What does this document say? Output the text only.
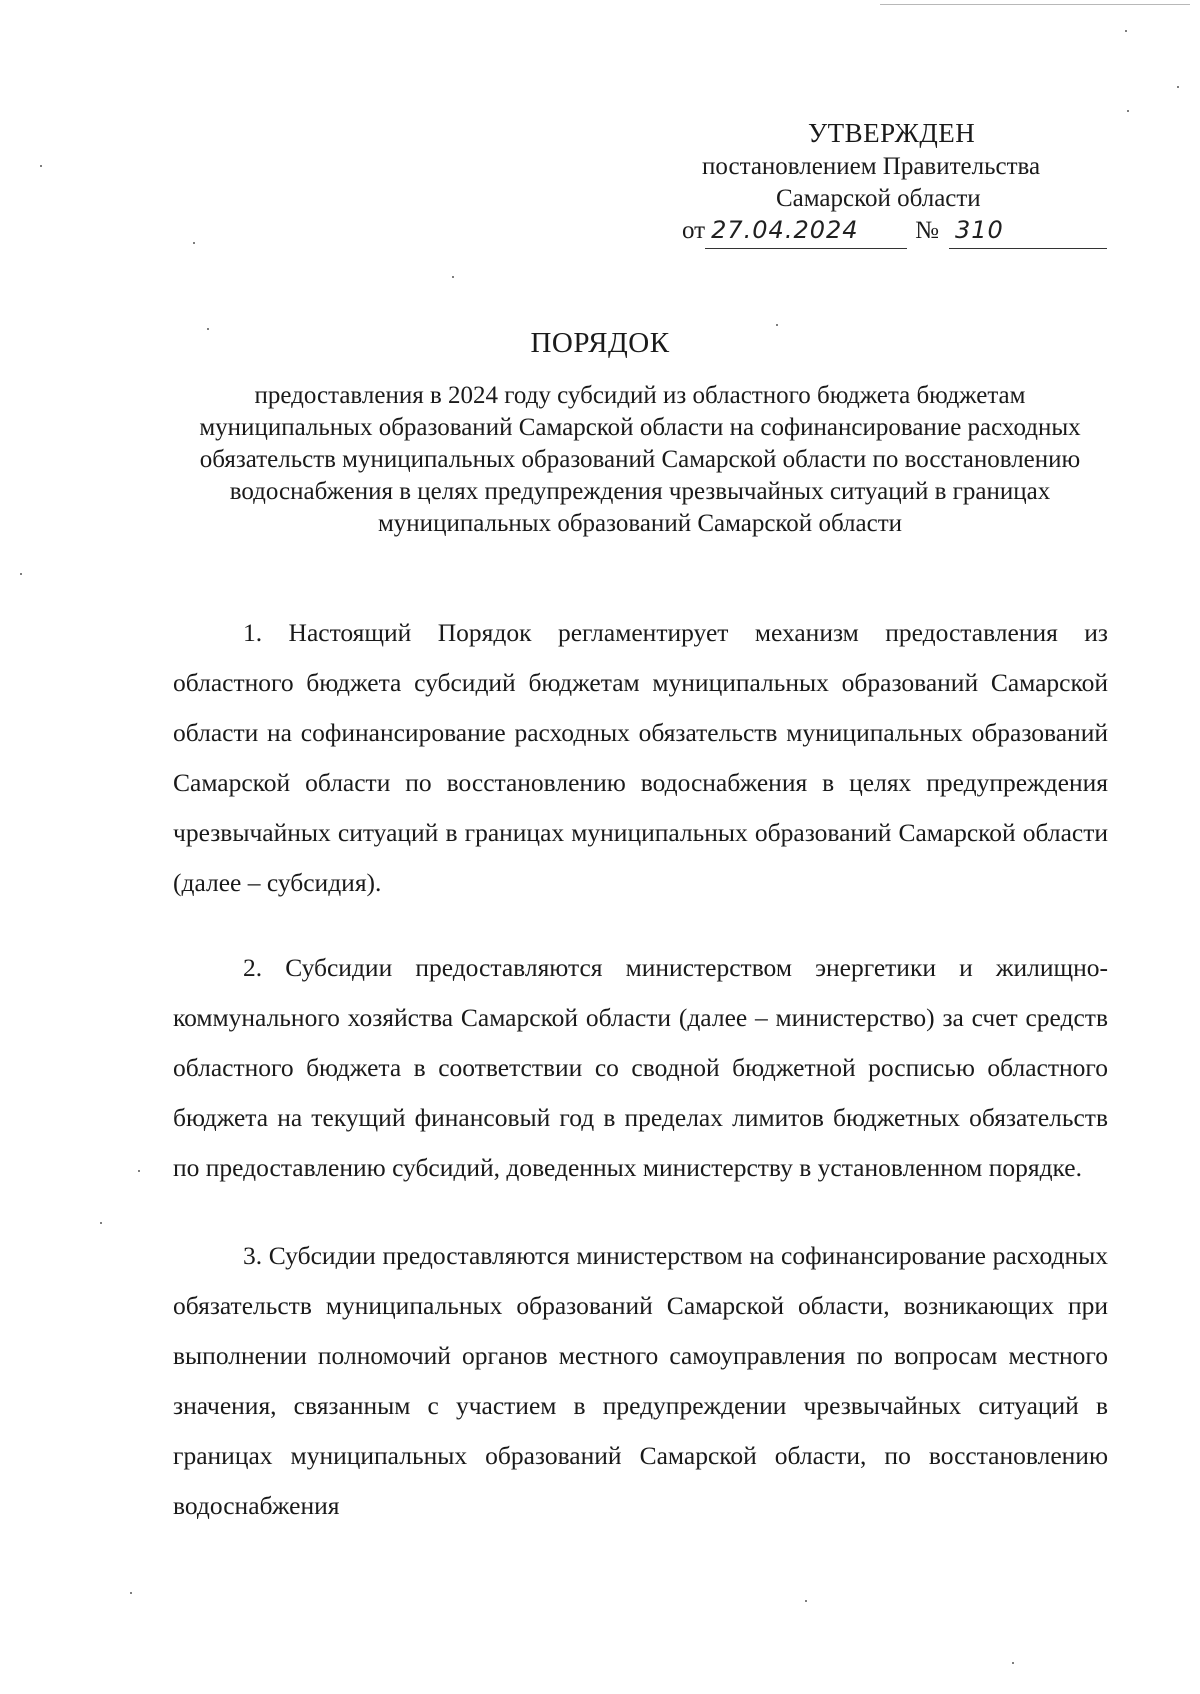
УТВЕРЖДЕН
постановлением Правительства
Самарской области
от 27.04.2024 № 310
ПОРЯДОК
предоставления в 2024 году субсидий из областного бюджета бюджетам муниципальных образований Самарской области на софинансирование расходных обязательств муниципальных образований Самарской области по восстановлению водоснабжения в целях предупреждения чрезвычайных ситуаций в границах муниципальных образований Самарской области
1. Настоящий Порядок регламентирует механизм предоставления из областного бюджета субсидий бюджетам муниципальных образований Самарской области на софинансирование расходных обязательств муниципальных образований Самарской области по восстановлению водоснабжения в целях предупреждения чрезвычайных ситуаций в границах муниципальных образований Самарской области (далее – субсидия).
2. Субсидии предоставляются министерством энергетики и жилищно-коммунального хозяйства Самарской области (далее – министерство) за счет средств областного бюджета в соответствии со сводной бюджетной росписью областного бюджета на текущий финансовый год в пределах лимитов бюджетных обязательств по предоставлению субсидий, доведенных министерству в установленном порядке.
3. Субсидии предоставляются министерством на софинансирование расходных обязательств муниципальных образований Самарской области, возникающих при выполнении полномочий органов местного самоуправления по вопросам местного значения, связанным с участием в предупреждении чрезвычайных ситуаций в границах муниципальных образований Самарской области, по восстановлению водоснабжения
